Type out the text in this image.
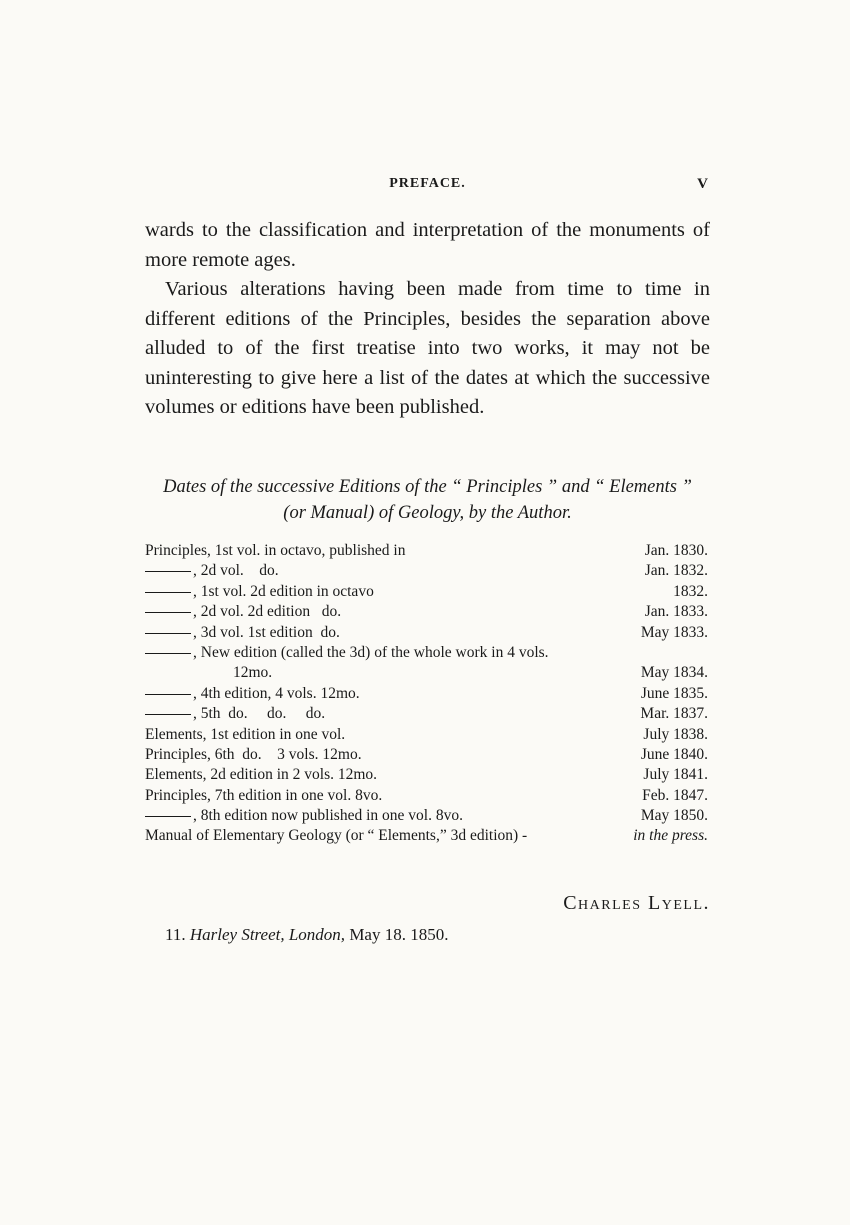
PREFACE.	V

wards to the classification and interpretation of the monuments of more remote ages.

Various alterations having been made from time to time in different editions of the Principles, besides the separation above alluded to of the first treatise into two works, it may not be uninteresting to give here a list of the dates at which the successive volumes or editions have been published.

Dates of the successive Editions of the “ Principles ” and “ Elements ”
(or Manual) of Geology, by the Author.
Principles, 1st vol. in octavo, published in	Jan. 1830.
, 2d vol.    do.	Jan. 1832.
, 1st vol. 2d edition in octavo	1832.
, 2d vol. 2d edition   do.	Jan. 1833.
, 3d vol. 1st edition  do.	May 1833.
, New edition (called the 3d) of the whole work in 4 vols.
12mo.	May 1834.
, 4th edition, 4 vols. 12mo.	June 1835.
, 5th  do.     do.     do.	Mar. 1837.
Elements, 1st edition in one vol.	July 1838.
Principles, 6th  do.    3 vols. 12mo.	June 1840.
Elements, 2d edition in 2 vols. 12mo.	July 1841.
Principles, 7th edition in one vol. 8vo.	Feb. 1847.
, 8th edition now published in one vol. 8vo.	May 1850.
Manual of Elementary Geology (or “ Elements,” 3d edition) -	in the press.
Charles Lyell.
11. Harley Street, London, May 18. 1850.
